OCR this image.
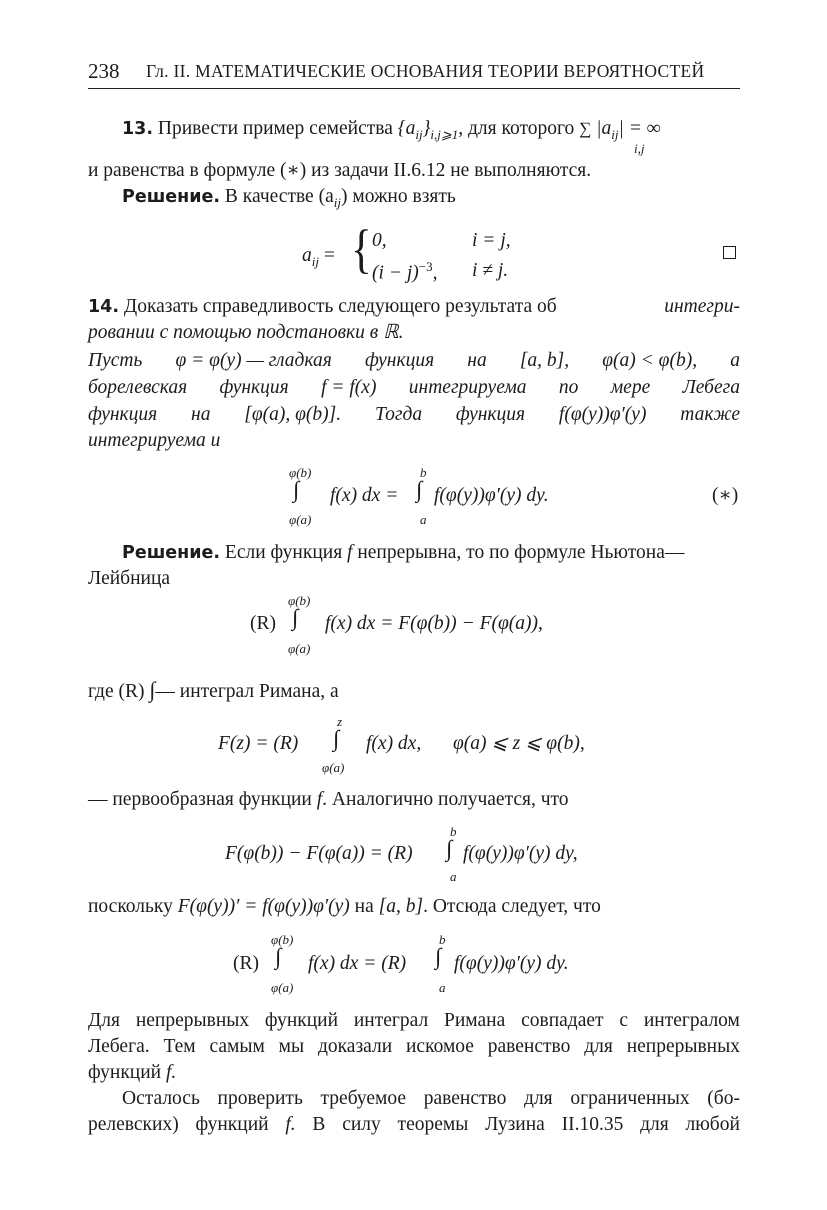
238 Гл. II. МАТЕМАТИЧЕСКИЕ ОСНОВАНИЯ ТЕОРИИ ВЕРОЯТНОСТЕЙ
13. Привести пример семейства $\{a_{ij}\}_{i,j⩾1}$, для которого ∑ $|a_{ij}|$ = ∞
i,j
и равенства в формуле (∗) из задачи II.6.12 не выполняются.
Решение. В качестве $(a_{ij})$ можно взять
$a_{ij}$ = { 0,	i = j,
$(i - j)^{-3}$, i ≠ j.
14. Доказать справедливость следующего результата об	интегри-
ровании с помощью подстановки в ℝ.
Пусть φ = φ(y) — гладкая функция на [a, b], φ(a) < φ(b), а
борелевская функция f = f(x) интегрируема по мере Лебега
функция на [φ(a), φ(b)]. Тогда функция f(φ(y))φ′(y) также
интегрируема и
φ(b)
∫
φ(a)
f(x) dx =
b
∫
a
f(φ(y))φ′(y) dy.	(∗)
Решение. Если функция f непрерывна, то по формуле Ньютона—
Лейбница
φ(b)
∫
φ(a)
(R)	f(x) dx = F(φ(b)) − F(φ(a)),
где (R) ∫— интеграл Римана, а
F(z) = (R)
z
∫
φ(a)
f(x) dx, φ(a) ⩽ z ⩽ φ(b),
— первообразная функции f. Аналогично получается, что
F(φ(b)) − F(φ(a)) = (R)
b
∫
a
f(φ(y))φ′(y) dy,
поскольку F(φ(y))′ = f(φ(y))φ′(y) на [a, b]. Отсюда следует, что
(R)
φ(b)
∫
φ(a)
f(x) dx = (R)
b
∫
a
f(φ(y))φ′(y) dy.
Для непрерывных функций интеграл Римана совпадает с интегралом
Лебега. Тем самым мы доказали искомое равенство для непрерывных
функций f.
Осталось проверить требуемое равенство для ограниченных (бо-
релевских) функций f. В силу теоремы Лузина II.10.35 для любой
